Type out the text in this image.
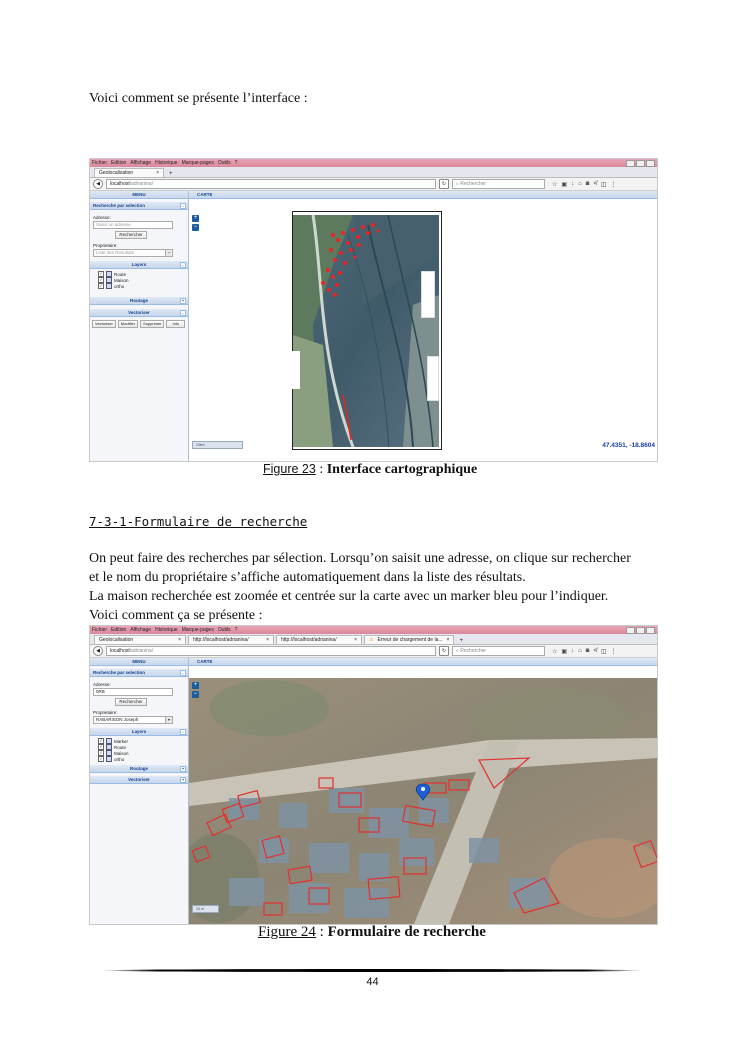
Voici comment se présente l’interface :
Fichier Edition Affichage Historique Marque-pages Outils ?
Geolocalisation	×	+
◀	localhost /adrianina/	↻	⌕ Rechercher	☆ ▣ ↓ ⌂ ◙ ≮ ◫ ⋮
MENU
Recherche par selection	-
Adresse:
Saisir un adresse
Rechercher
Proprietaire:
Liste des Resultats	▾
Layers	-
✓	Route
✓	Maison
✓	ortho
Routage	+
Vectoriser	-
Vectoriser	Modifier	Supprimer	Info
CARTE
+
−
10km	47.4351, -18.8604
Figure 23 : Interface cartographique
7-3-1-Formulaire de recherche
On peut faire des recherches par sélection. Lorsqu’on saisit une adresse, on clique sur rechercher
et le nom du propriétaire s’affiche automatiquement dans la liste des résultats.
La maison recherchée est zoomée et centrée sur la carte avec un marker bleu pour l’indiquer.
Voici comment ça se présente :
Fichier Edition Affichage Historique Marque-pages Outils ?
Geolocalisation	× http://localhost/adrianina/	× http://localhost/adrianina/	× ⚠ Erreur de chargement de la... ×	+
◀	localhost /adrianina/	↻	⌕ Rechercher	☆ ▣ ↓ ⌂ ◙ ≮ ◫ ⋮
MENU
Recherche par selection	-
Adresse:
0RB
Rechercher
Proprietaire:
RABARISON Joseph	▾
Layers	-
✓	Marker
✓	Route
✓	Maison
✓	ortho
Routage	+
Vectoriser	+
CARTE
+
−
10 m
Figure 24 : Formulaire de recherche
44
